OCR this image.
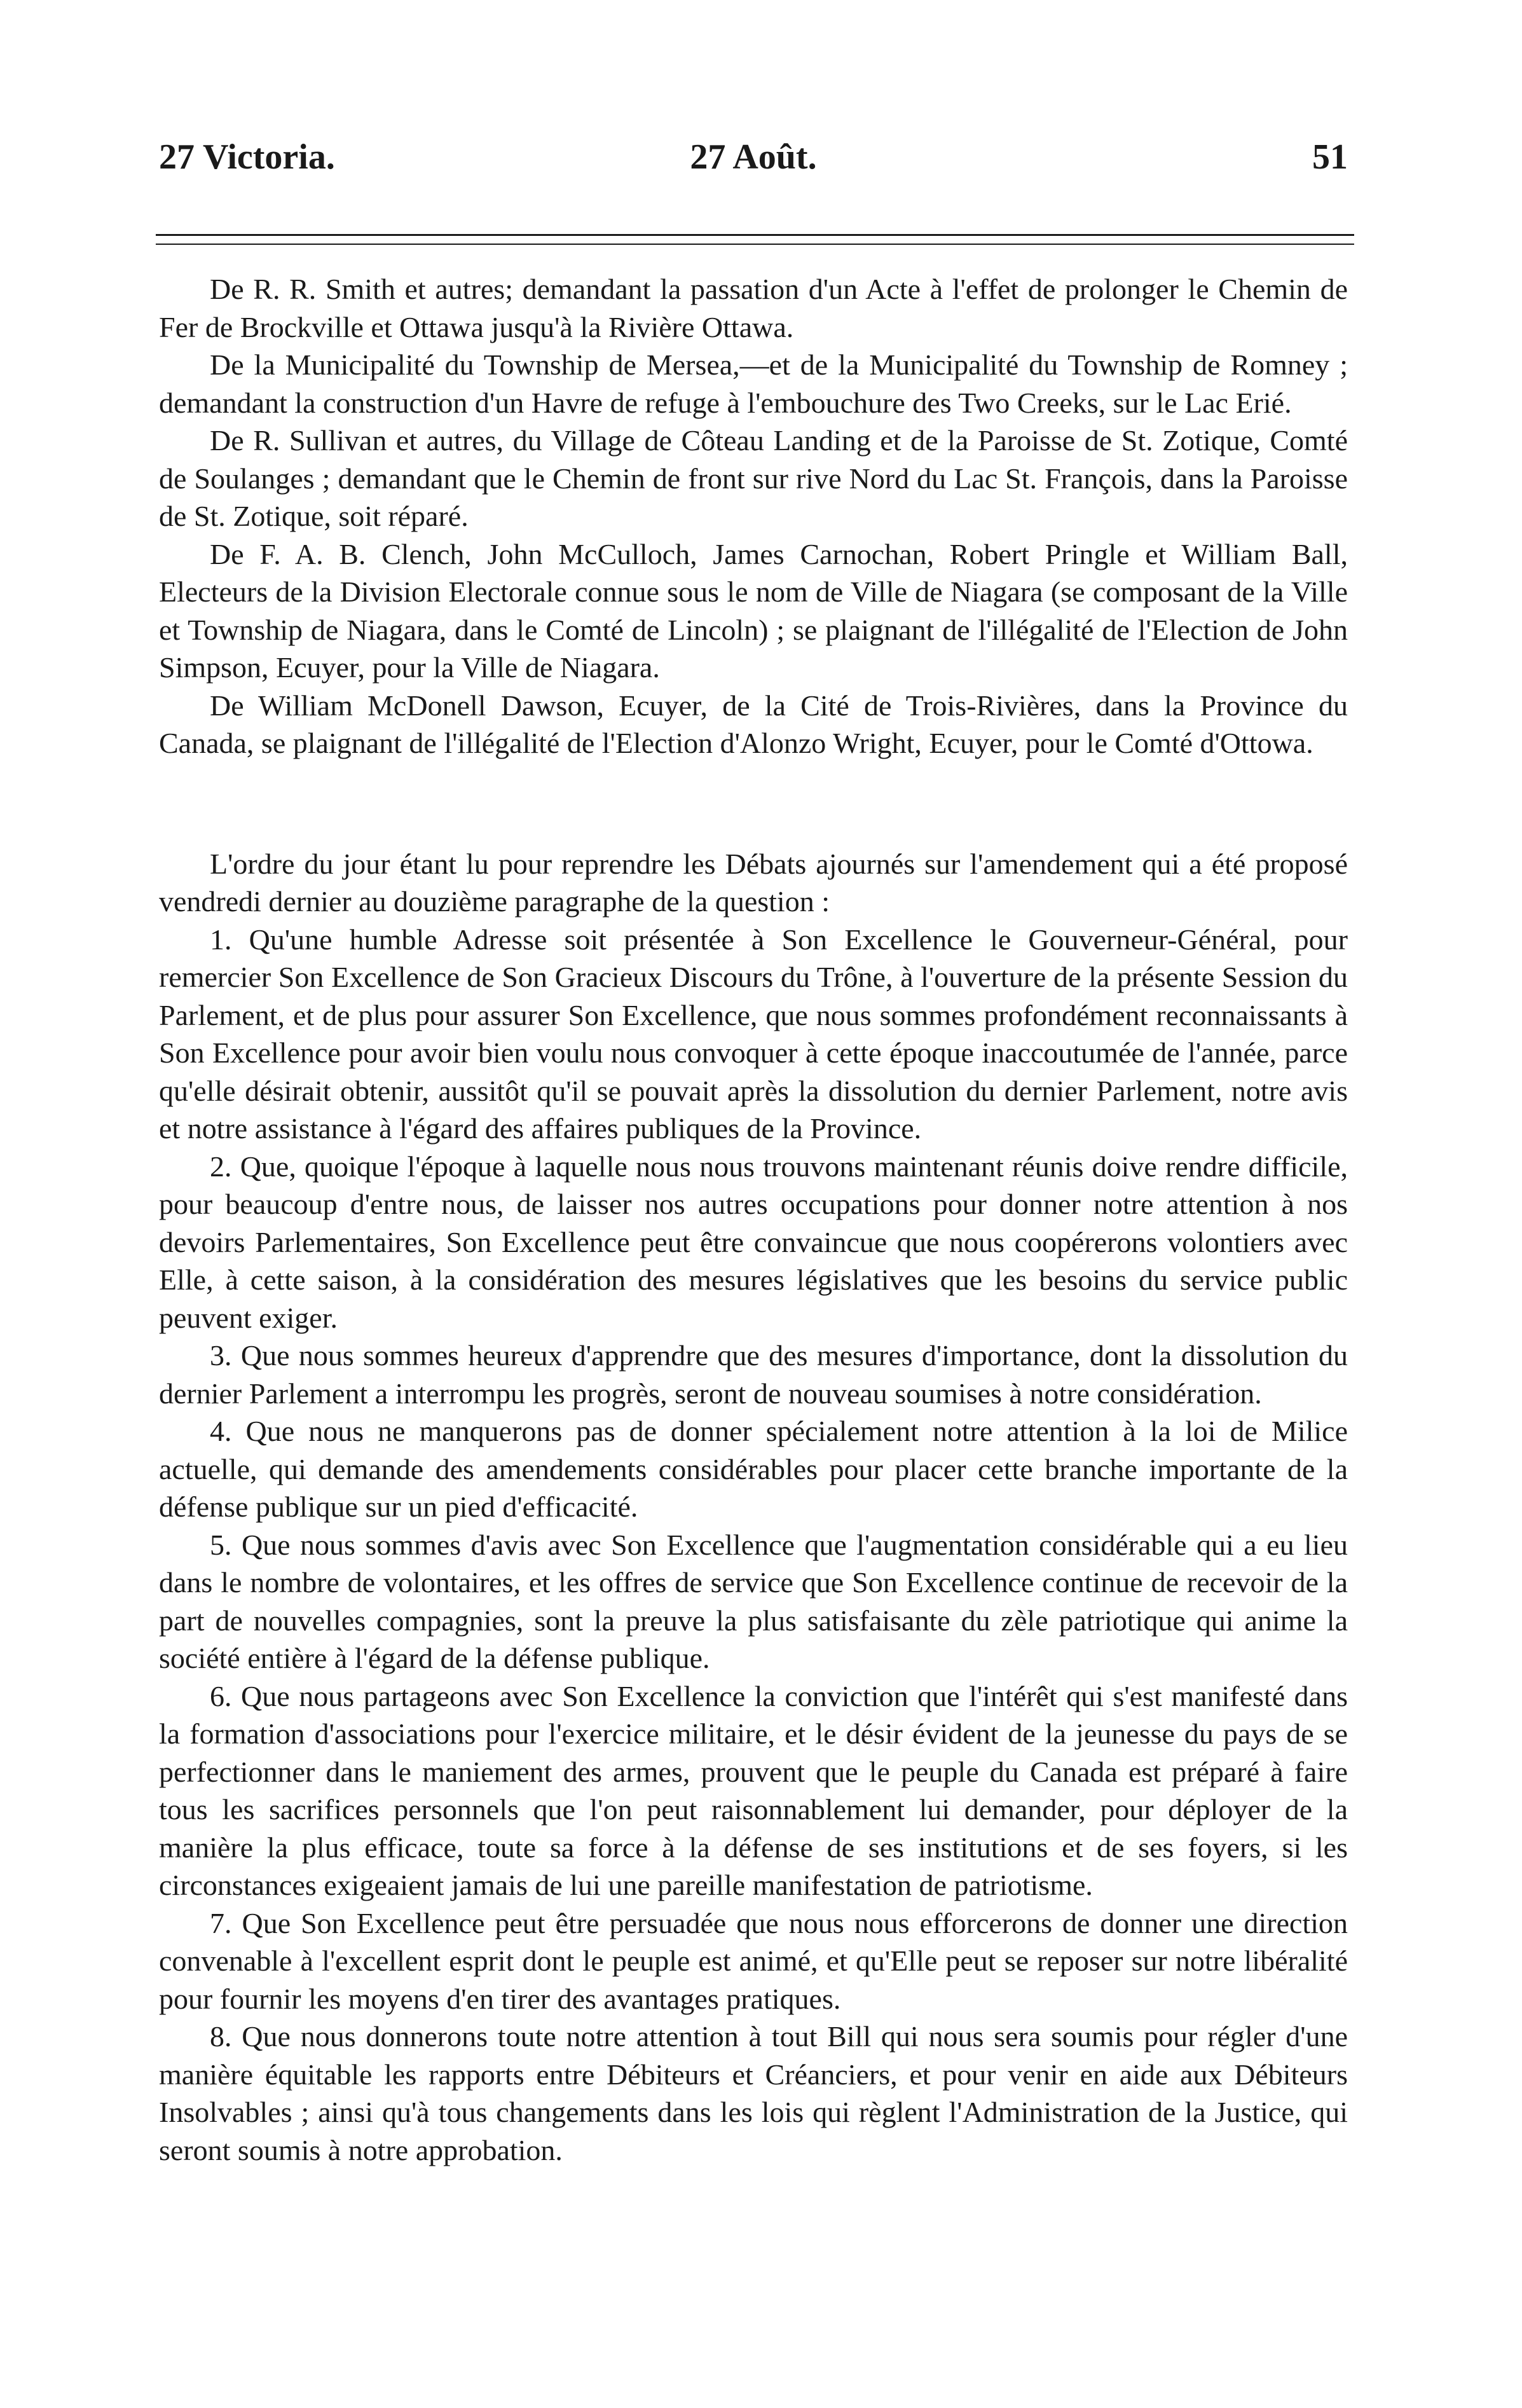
27 Victoria.	27 Août.	51

De R. R. Smith et autres; demandant la passation d'un Acte à l'effet de prolonger le Chemin de Fer de Brockville et Ottawa jusqu'à la Rivière Ottawa.

De la Municipalité du Township de Mersea,—et de la Municipalité du Township de Romney ; demandant la construction d'un Havre de refuge à l'embouchure des Two Creeks, sur le Lac Erié.

De R. Sullivan et autres, du Village de Côteau Landing et de la Paroisse de St. Zotique, Comté de Soulanges ; demandant que le Chemin de front sur rive Nord du Lac St. François, dans la Paroisse de St. Zotique, soit réparé.

De F. A. B. Clench, John McCulloch, James Carnochan, Robert Pringle et William Ball, Electeurs de la Division Electorale connue sous le nom de Ville de Niagara (se composant de la Ville et Township de Niagara, dans le Comté de Lincoln) ; se plaignant de l'illégalité de l'Election de John Simpson, Ecuyer, pour la Ville de Niagara.

De William McDonell Dawson, Ecuyer, de la Cité de Trois-Rivières, dans la Province du Canada, se plaignant de l'illégalité de l'Election d'Alonzo Wright, Ecuyer, pour le Comté d'Ottowa.

L'ordre du jour étant lu pour reprendre les Débats ajournés sur l'amendement qui a été proposé vendredi dernier au douzième paragraphe de la question :

1. Qu'une humble Adresse soit présentée à Son Excellence le Gouverneur-Général, pour remercier Son Excellence de Son Gracieux Discours du Trône, à l'ouverture de la présente Session du Parlement, et de plus pour assurer Son Excellence, que nous sommes profondément reconnaissants à Son Excellence pour avoir bien voulu nous convoquer à cette époque inaccoutumée de l'année, parce qu'elle désirait obtenir, aussitôt qu'il se pouvait après la dissolution du dernier Parlement, notre avis et notre assistance à l'égard des affaires publiques de la Province.

2. Que, quoique l'époque à laquelle nous nous trouvons maintenant réunis doive rendre difficile, pour beaucoup d'entre nous, de laisser nos autres occupations pour donner notre attention à nos devoirs Parlementaires, Son Excellence peut être convaincue que nous coopérerons volontiers avec Elle, à cette saison, à la considération des mesures législatives que les besoins du service public peuvent exiger.

3. Que nous sommes heureux d'apprendre que des mesures d'importance, dont la dissolution du dernier Parlement a interrompu les progrès, seront de nouveau soumises à notre considération.

4. Que nous ne manquerons pas de donner spécialement notre attention à la loi de Milice actuelle, qui demande des amendements considérables pour placer cette branche importante de la défense publique sur un pied d'efficacité.

5. Que nous sommes d'avis avec Son Excellence que l'augmentation considérable qui a eu lieu dans le nombre de volontaires, et les offres de service que Son Excellence continue de recevoir de la part de nouvelles compagnies, sont la preuve la plus satisfaisante du zèle patriotique qui anime la société entière à l'égard de la défense publique.

6. Que nous partageons avec Son Excellence la conviction que l'intérêt qui s'est manifesté dans la formation d'associations pour l'exercice militaire, et le désir évident de la jeunesse du pays de se perfectionner dans le maniement des armes, prouvent que le peuple du Canada est préparé à faire tous les sacrifices personnels que l'on peut raisonnablement lui demander, pour déployer de la manière la plus efficace, toute sa force à la défense de ses institutions et de ses foyers, si les circonstances exigeaient jamais de lui une pareille manifestation de patriotisme.

7. Que Son Excellence peut être persuadée que nous nous efforcerons de donner une direction convenable à l'excellent esprit dont le peuple est animé, et qu'Elle peut se reposer sur notre libéralité pour fournir les moyens d'en tirer des avantages pratiques.

8. Que nous donnerons toute notre attention à tout Bill qui nous sera soumis pour régler d'une manière équitable les rapports entre Débiteurs et Créanciers, et pour venir en aide aux Débiteurs Insolvables ; ainsi qu'à tous changements dans les lois qui règlent l'Administration de la Justice, qui seront soumis à notre approbation.
